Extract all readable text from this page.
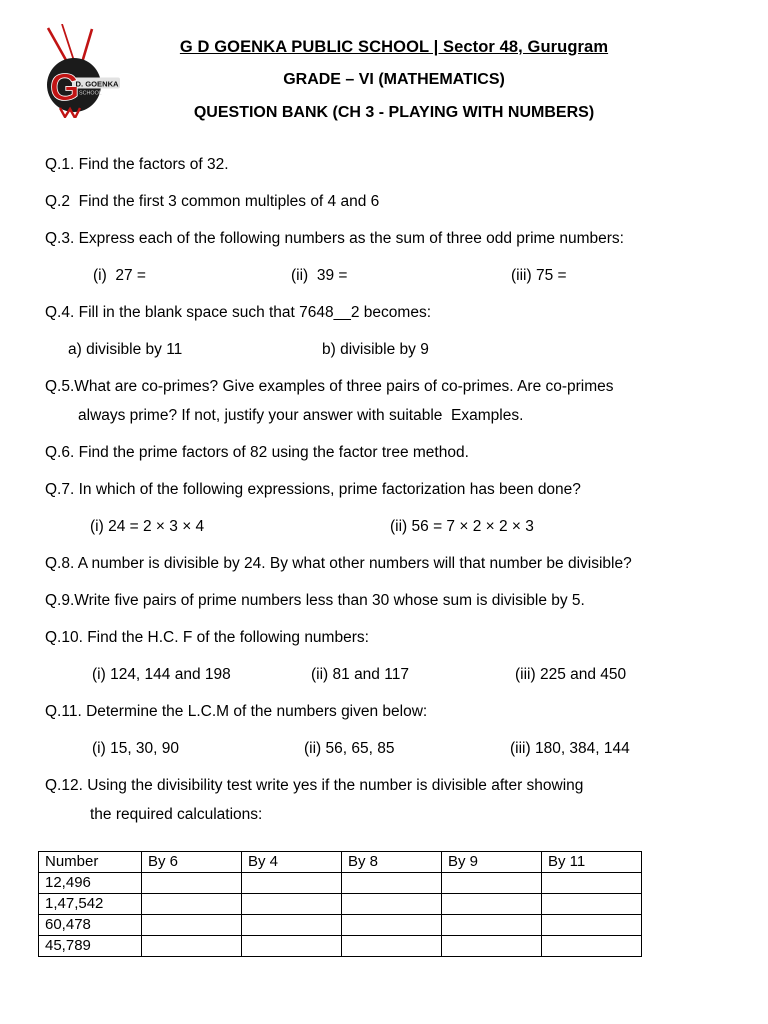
G
D. GOENKA
SCHOOL
G D GOENKA PUBLIC SCHOOL | Sector 48, Gurugram
GRADE – VI (MATHEMATICS)
QUESTION BANK (CH 3 - PLAYING WITH NUMBERS)
Q.1. Find the factors of 32.
Q.2  Find the first 3 common multiples of 4 and 6
Q.3. Express each of the following numbers as the sum of three odd prime numbers:
(i)  27 =	(ii)  39 =	(iii) 75 =
Q.4. Fill in the blank space such that 7648__2 becomes:
a) divisible by 11	b) divisible by 9
Q.5.What are co-primes? Give examples of three pairs of co-primes. Are co-primes
always prime? If not, justify your answer with suitable  Examples.
Q.6. Find the prime factors of 82 using the factor tree method.
Q.7. In which of the following expressions, prime factorization has been done?
(i) 24 = 2 × 3 × 4	(ii) 56 = 7 × 2 × 2 × 3
Q.8. A number is divisible by 24. By what other numbers will that number be divisible?
Q.9.Write five pairs of prime numbers less than 30 whose sum is divisible by 5.
Q.10. Find the H.C. F of the following numbers:
(i) 124, 144 and 198	(ii) 81 and 117	(iii) 225 and 450
Q.11. Determine the L.C.M of the numbers given below:
(i) 15, 30, 90	(ii) 56, 65, 85	(iii) 180, 384, 144
Q.12. Using the divisibility test write yes if the number is divisible after showing
the required calculations:
Number	By 6	By 4	By 8	By 9	By 11
12,496					
1,47,542					
60,478					
45,789					
